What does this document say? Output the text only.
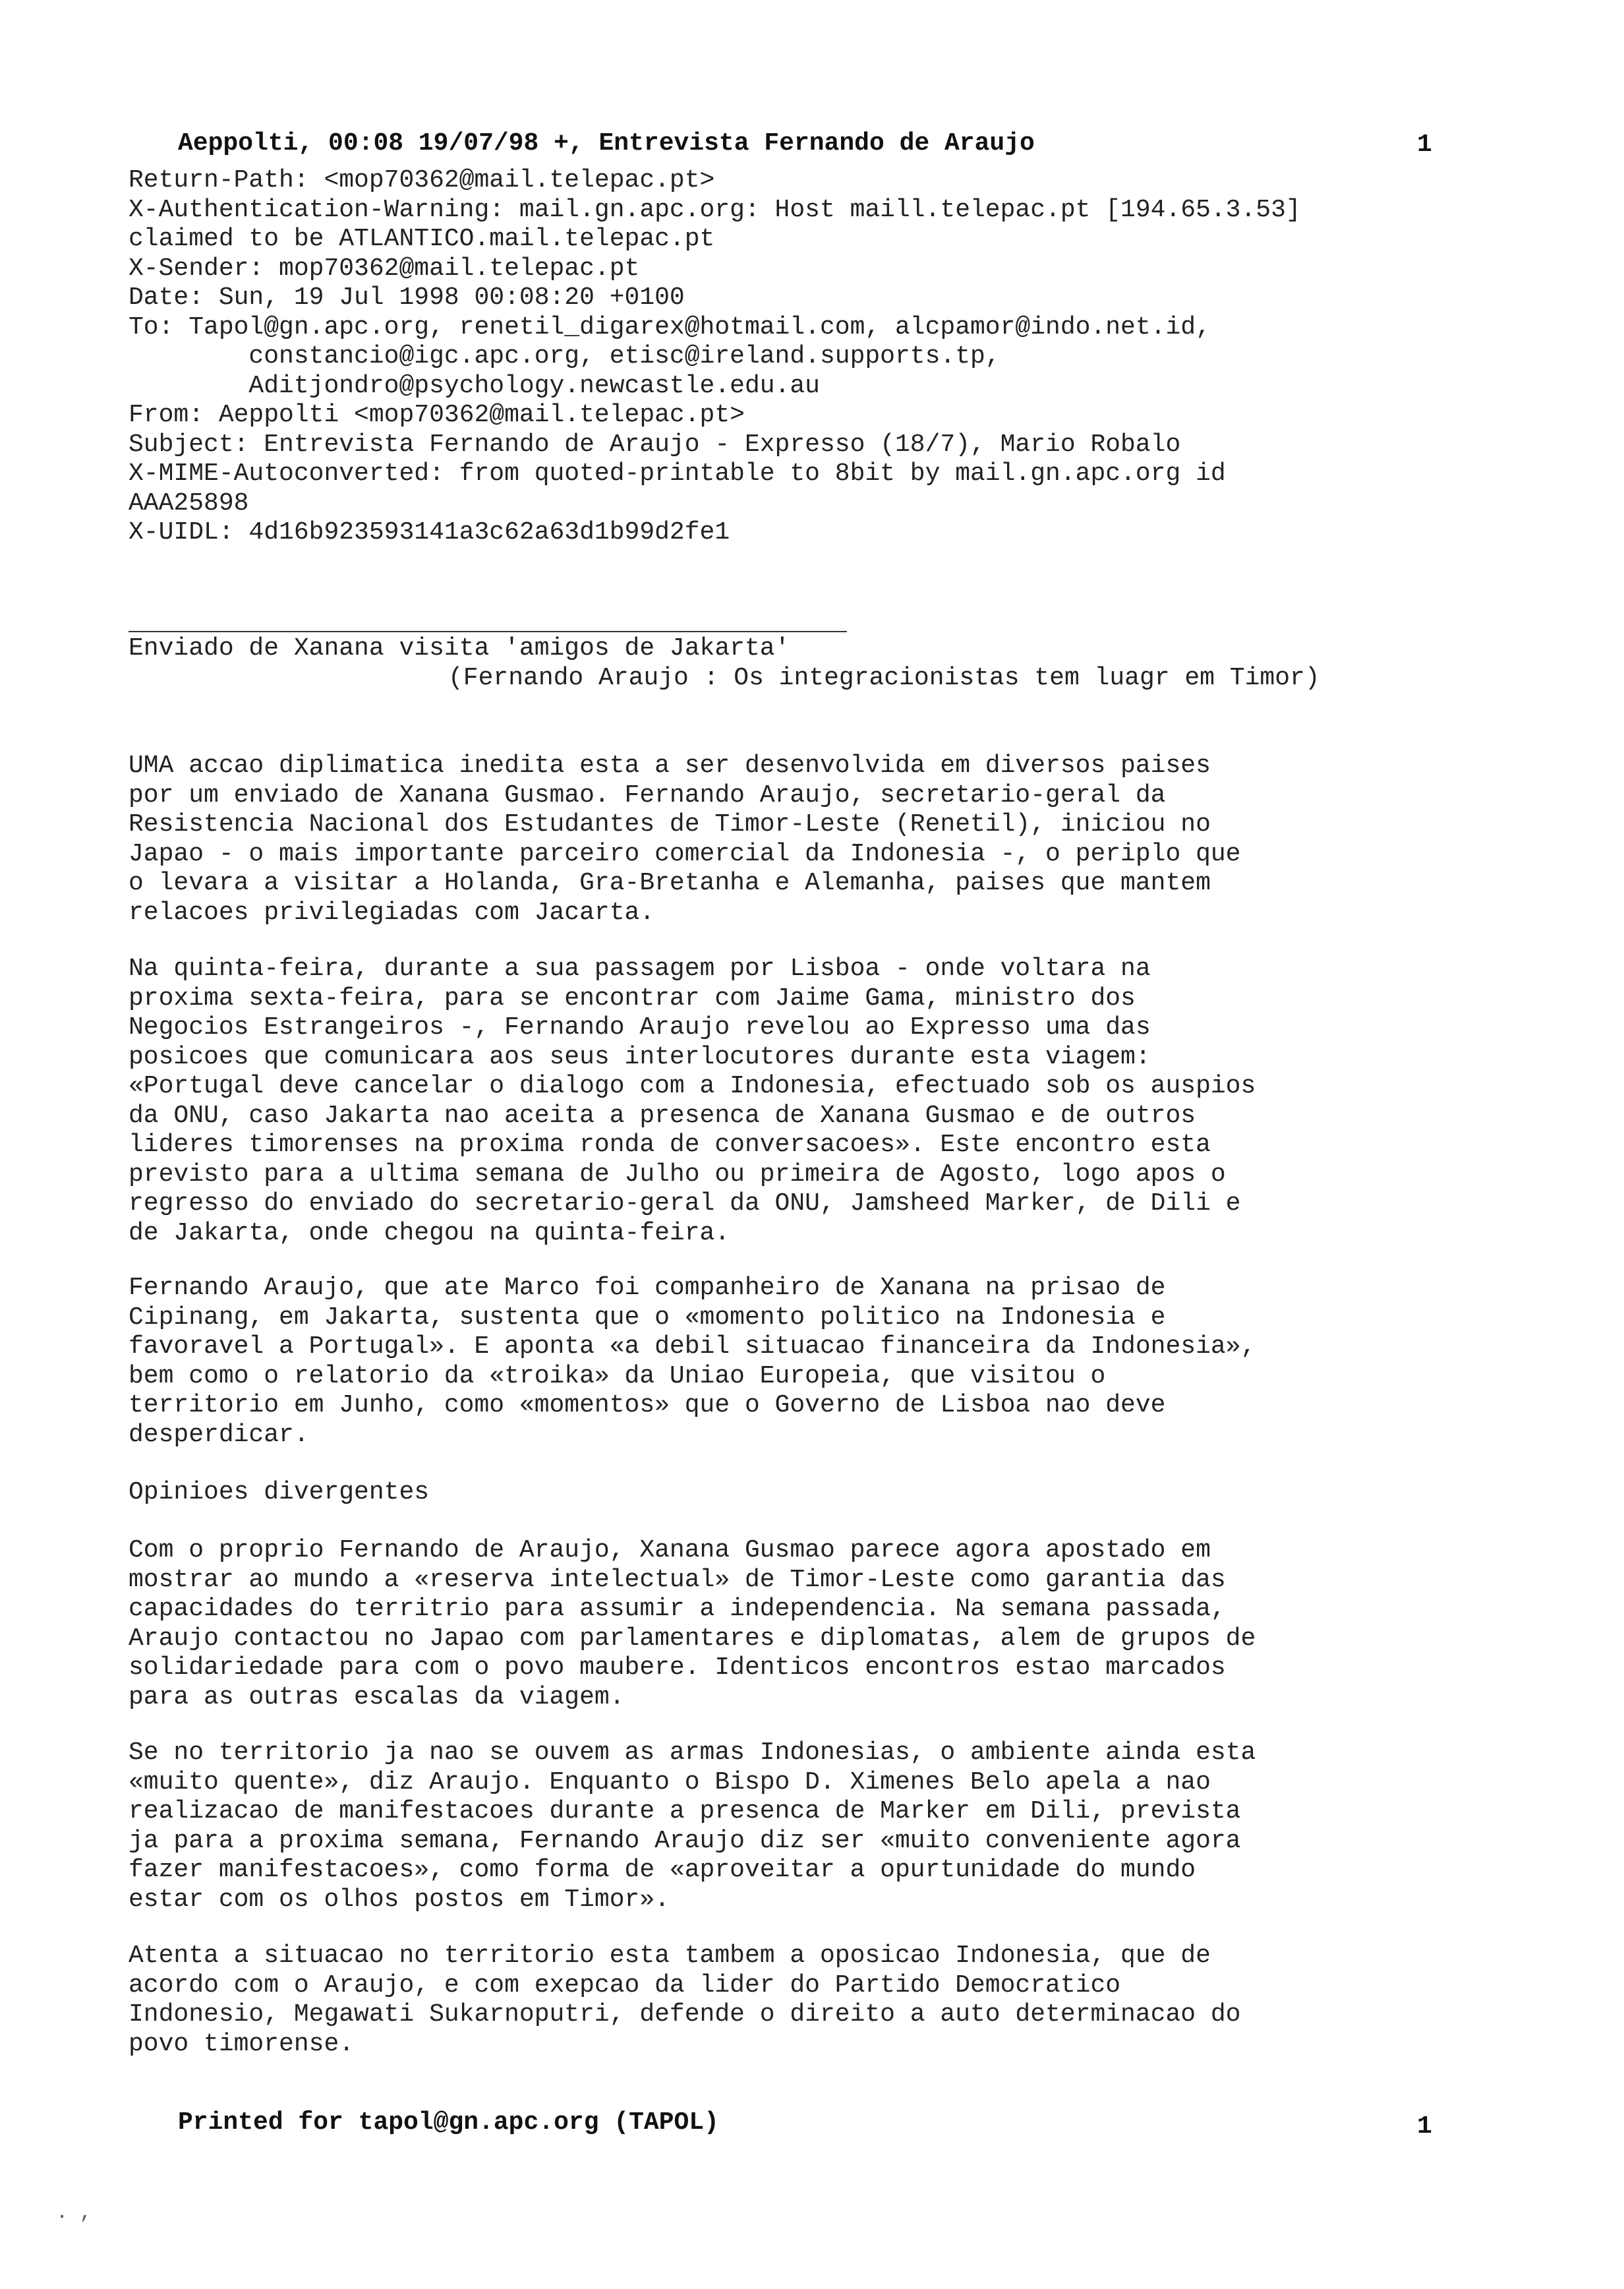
Aeppolti, 00:08 19/07/98 +, Entrevista Fernando de Araujo	1
Return-Path: <mop70362@mail.telepac.pt>
X-Authentication-Warning: mail.gn.apc.org: Host maill.telepac.pt [194.65.3.53]
claimed to be ATLANTICO.mail.telepac.pt
X-Sender: mop70362@mail.telepac.pt
Date: Sun, 19 Jul 1998 00:08:20 +0100
To: Tapol@gn.apc.org, renetil_digarex@hotmail.com, alcpamor@indo.net.id,
constancio@igc.apc.org, etisc@ireland.supports.tp,
Aditjondro@psychology.newcastle.edu.au
From: Aeppolti <mop70362@mail.telepac.pt>
Subject: Entrevista Fernando de Araujo - Expresso (18/7), Mario Robalo
X-MIME-Autoconverted: from quoted-printable to 8bit by mail.gn.apc.org id
AAA25898
X-UIDL: 4d16b923593141a3c62a63d1b99d2fe1
Enviado de Xanana visita 'amigos de Jakarta'
(Fernando Araujo : Os integracionistas tem luagr em Timor)
UMA accao diplimatica inedita esta a ser desenvolvida em diversos paises
por um enviado de Xanana Gusmao. Fernando Araujo, secretario-geral da
Resistencia Nacional dos Estudantes de Timor-Leste (Renetil), iniciou no
Japao - o mais importante parceiro comercial da Indonesia -, o periplo que
o levara a visitar a Holanda, Gra-Bretanha e Alemanha, paises que mantem
relacoes privilegiadas com Jacarta.
Na quinta-feira, durante a sua passagem por Lisboa - onde voltara na
proxima sexta-feira, para se encontrar com Jaime Gama, ministro dos
Negocios Estrangeiros -, Fernando Araujo revelou ao Expresso uma das
posicoes que comunicara aos seus interlocutores durante esta viagem:
«Portugal deve cancelar o dialogo com a Indonesia, efectuado sob os auspios
da ONU, caso Jakarta nao aceita a presenca de Xanana Gusmao e de outros
lideres timorenses na proxima ronda de conversacoes». Este encontro esta
previsto para a ultima semana de Julho ou primeira de Agosto, logo apos o
regresso do enviado do secretario-geral da ONU, Jamsheed Marker, de Dili e
de Jakarta, onde chegou na quinta-feira.
Fernando Araujo, que ate Marco foi companheiro de Xanana na prisao de
Cipinang, em Jakarta, sustenta que o «momento politico na Indonesia e
favoravel a Portugal». E aponta «a debil situacao financeira da Indonesia»,
bem como o relatorio da «troika» da Uniao Europeia, que visitou o
territorio em Junho, como «momentos» que o Governo de Lisboa nao deve
desperdicar.
Opinioes divergentes
Com o proprio Fernando de Araujo, Xanana Gusmao parece agora apostado em
mostrar ao mundo a «reserva intelectual» de Timor-Leste como garantia das
capacidades do territrio para assumir a independencia. Na semana passada,
Araujo contactou no Japao com parlamentares e diplomatas, alem de grupos de
solidariedade para com o povo maubere. Identicos encontros estao marcados
para as outras escalas da viagem.
Se no territorio ja nao se ouvem as armas Indonesias, o ambiente ainda esta
«muito quente», diz Araujo. Enquanto o Bispo D. Ximenes Belo apela a nao
realizacao de manifestacoes durante a presenca de Marker em Dili, prevista
ja para a proxima semana, Fernando Araujo diz ser «muito conveniente agora
fazer manifestacoes», como forma de «aproveitar a opurtunidade do mundo
estar com os olhos postos em Timor».
Atenta a situacao no territorio esta tambem a oposicao Indonesia, que de
acordo com o Araujo, e com exepcao da lider do Partido Democratico
Indonesio, Megawati Sukarnoputri, defende o direito a auto determinacao do
povo timorense.
Printed for tapol@gn.apc.org (TAPOL)	1
. ,
